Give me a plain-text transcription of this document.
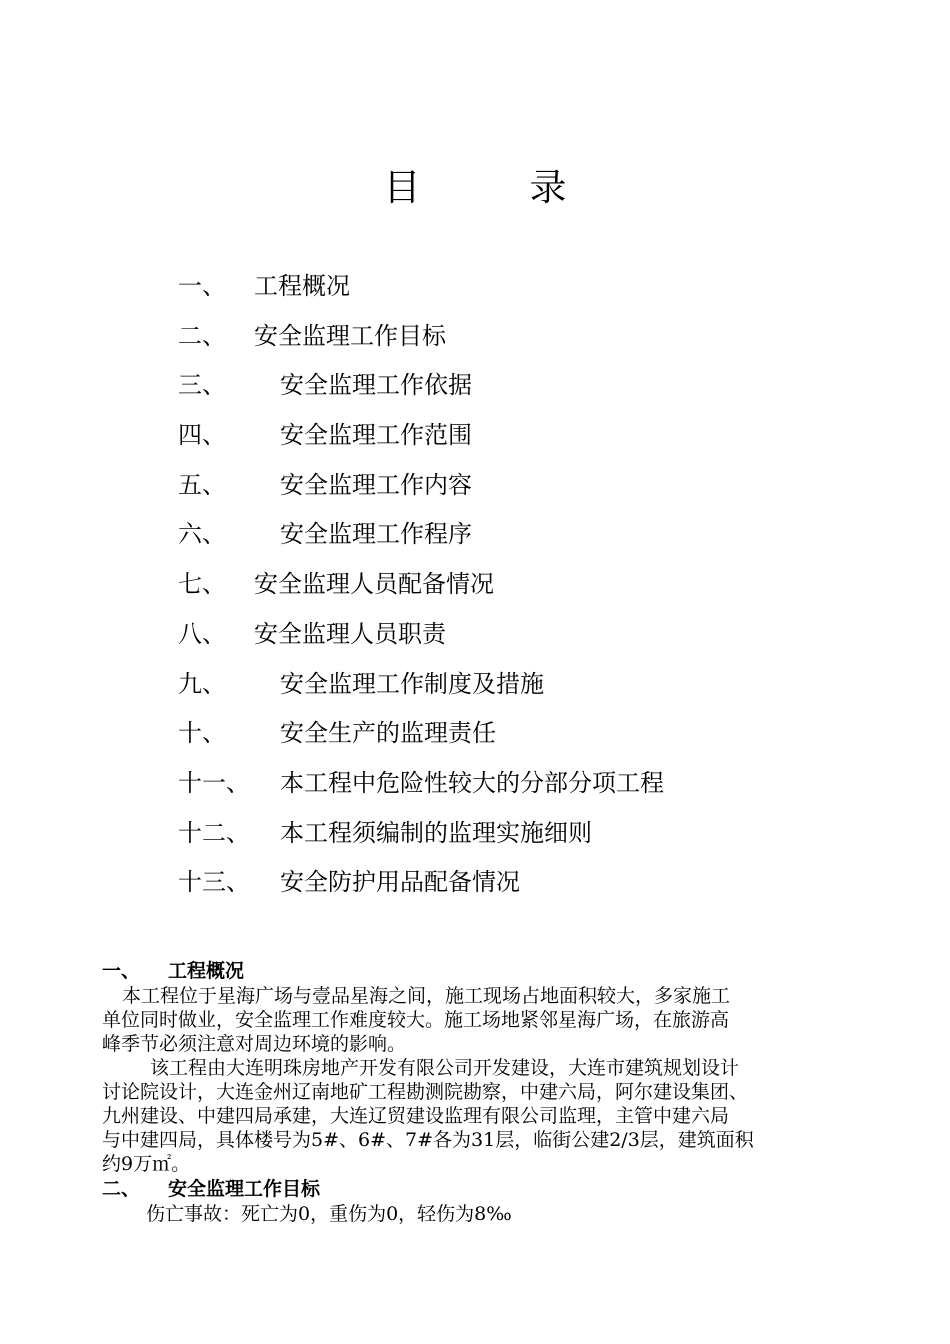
目　录
一、 工程概况
二、 安全监理工作目标
三、 安全监理工作依据
四、 安全监理工作范围
五、 安全监理工作内容
六、 安全监理工作程序
七、 安全监理人员配备情况
八、 安全监理人员职责
九、 安全监理工作制度及措施
十、 安全生产的监理责任
十一、 本工程中危险性较大的分部分项工程
十二、 本工程须编制的监理实施细则
十三、 安全防护用品配备情况
一、 工程概况

本工程位于星海广场与壹品星海之间，施工现场占地面积较大，多家施工
单位同时做业，安全监理工作难度较大。施工场地紧邻星海广场，在旅游高
峰季节必须注意对周边环境的影响。

该工程由大连明珠房地产开发有限公司开发建设，大连市建筑规划设计
讨论院设计，大连金州辽南地矿工程勘测院勘察，中建六局，阿尔建设集团、
九州建设、中建四局承建，大连辽贸建设监理有限公司监理，主管中建六局
与中建四局，具体楼号为5#、6#、7#各为31层，临街公建2/3层，建筑面积
约9万㎡。

二、 安全监理工作目标

伤亡事故：死亡为0，重伤为0，轻伤为8‰
